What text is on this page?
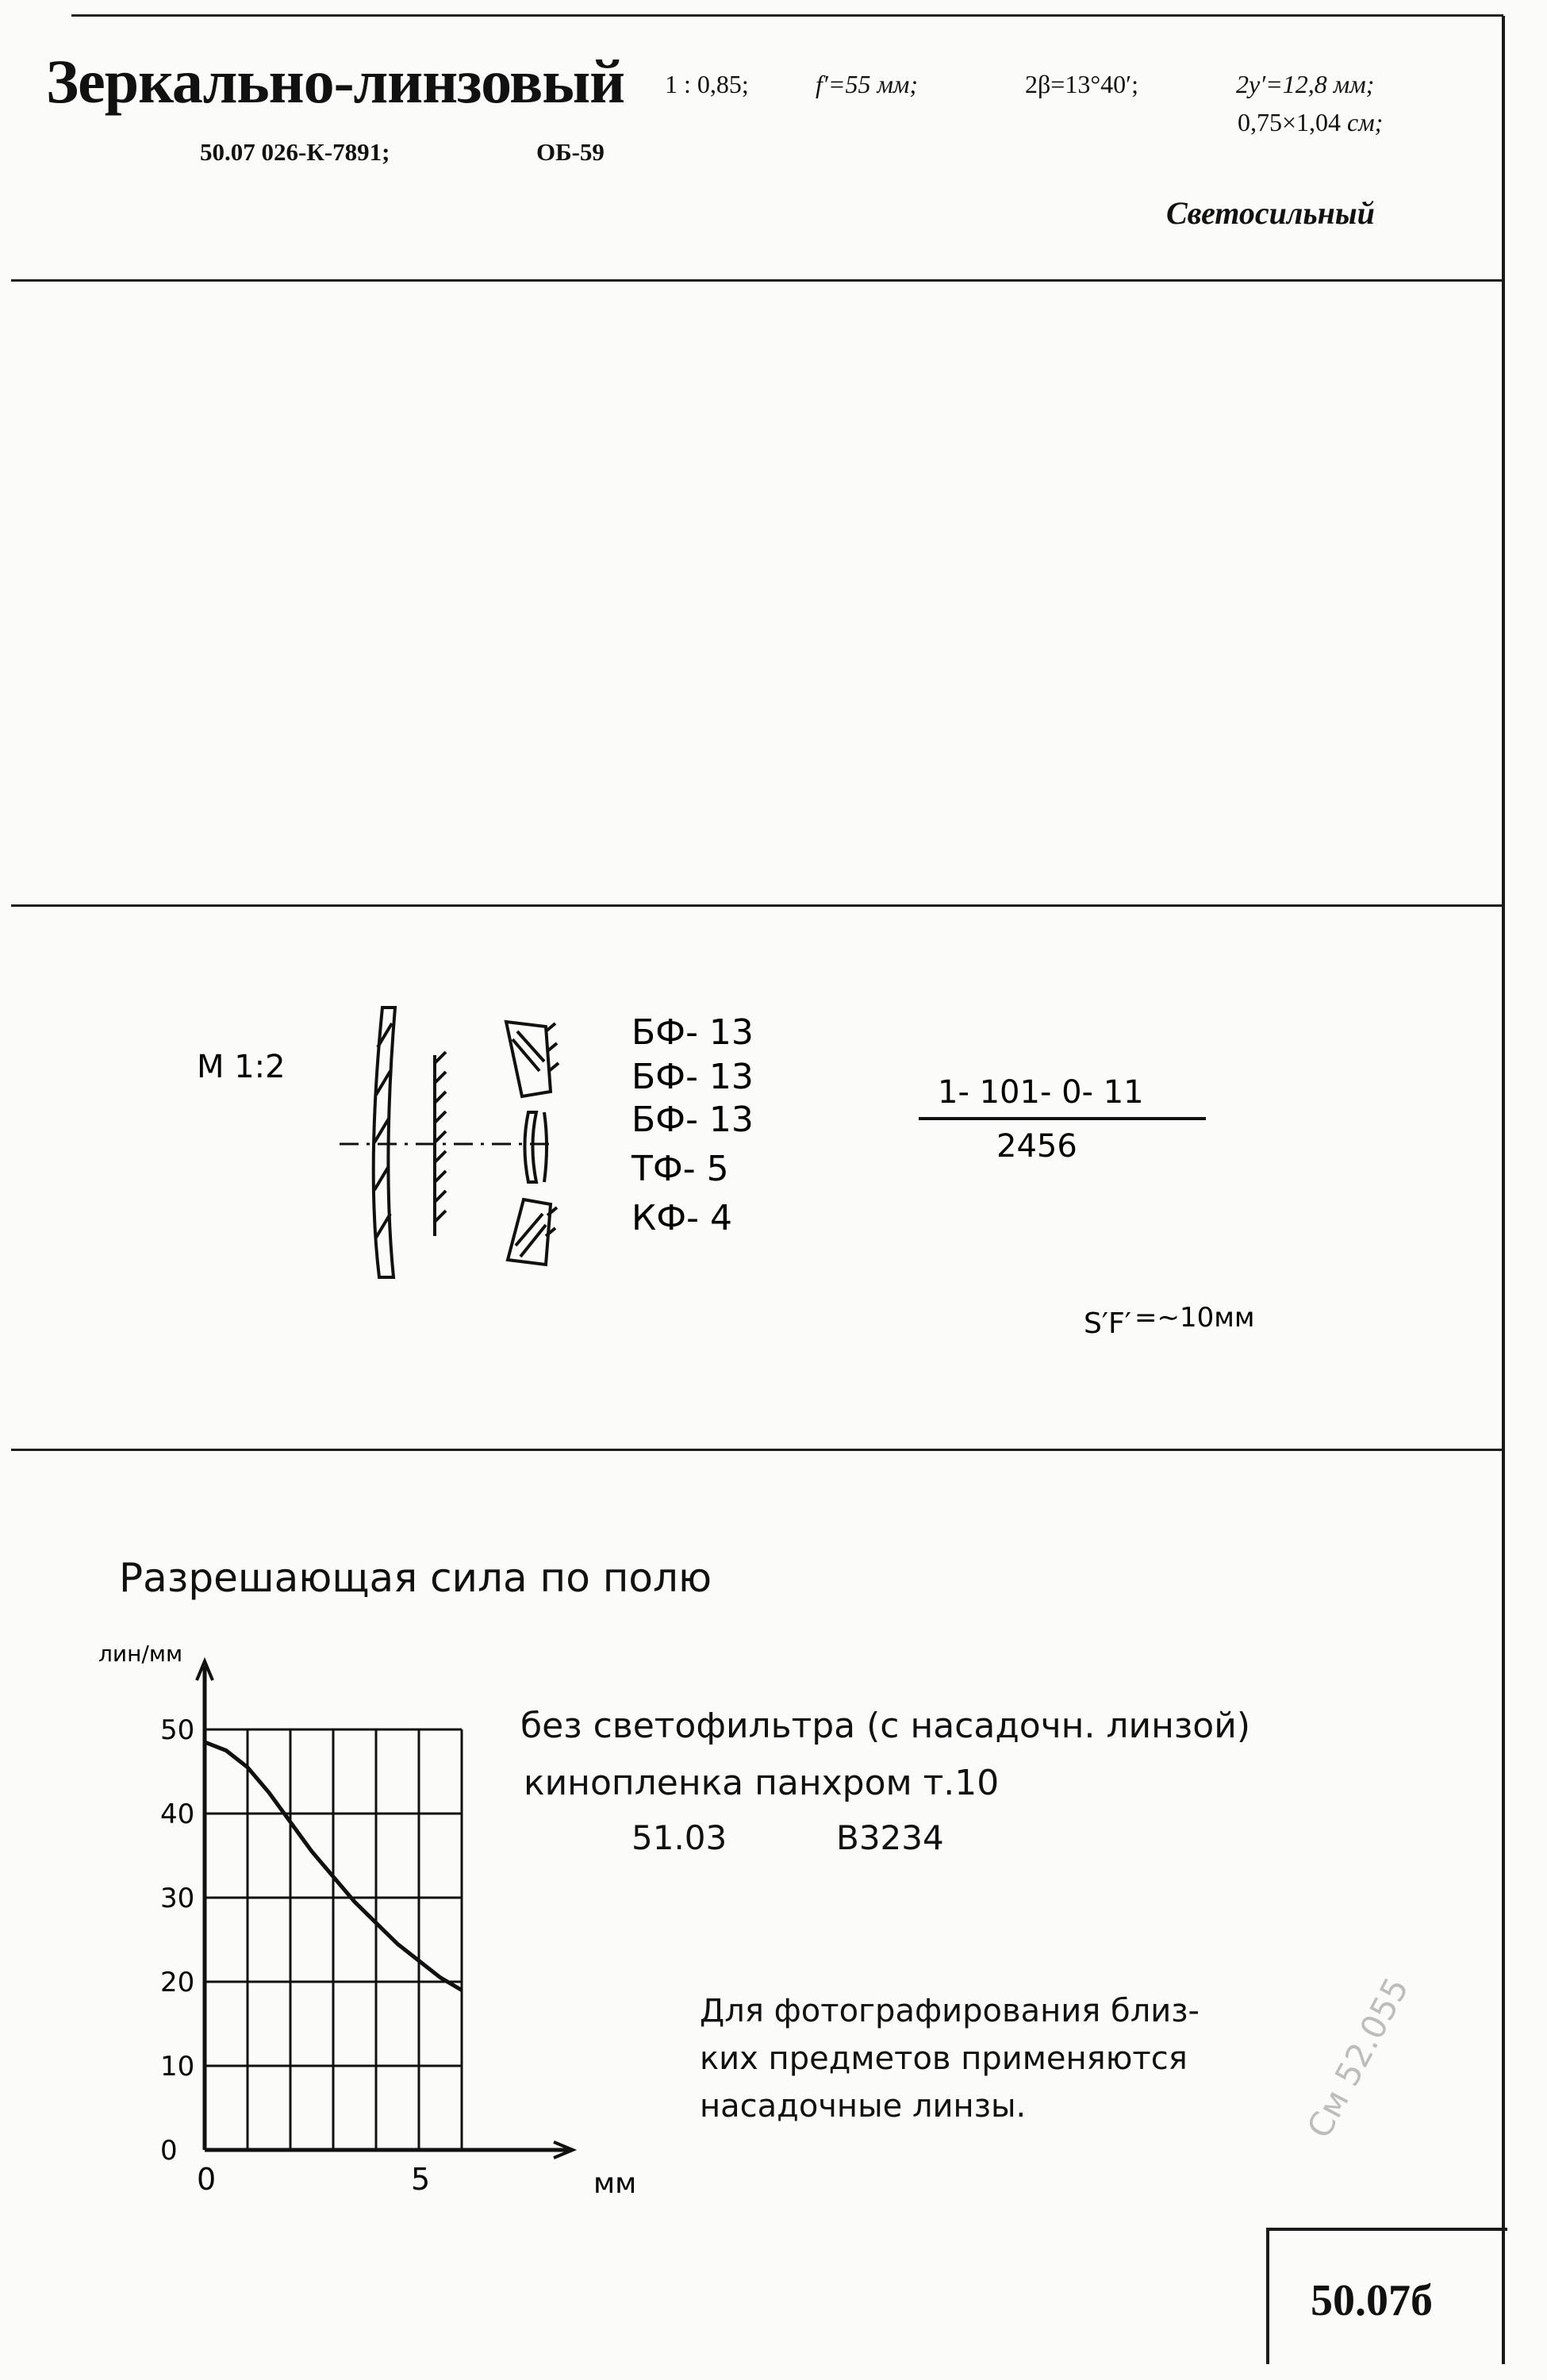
Зеркально-линзовый 1 : 0,85;	f′=55 мм;	2β=13°40′;	2y′=12,8 мм;
0,75×1,04 см;
50.07 026-К-7891;	ОБ-59
Светосильный
М 1:2
БФ- 13
БФ- 13
БФ- 13
ТФ- 5
КФ- 4
1- 101- 0- 11
2456
S′F′ =∼10мм
Разрешающая сила по полю
без светофильтра (с насадочн. линзой)
кинопленка панхром т.10
51.03	В3234
Для фотографирования близ-
ких предметов применяются
насадочные линзы.	См 52.055
0
10
20
30
40
50
0	5
лин/мм
мм
50.07б
